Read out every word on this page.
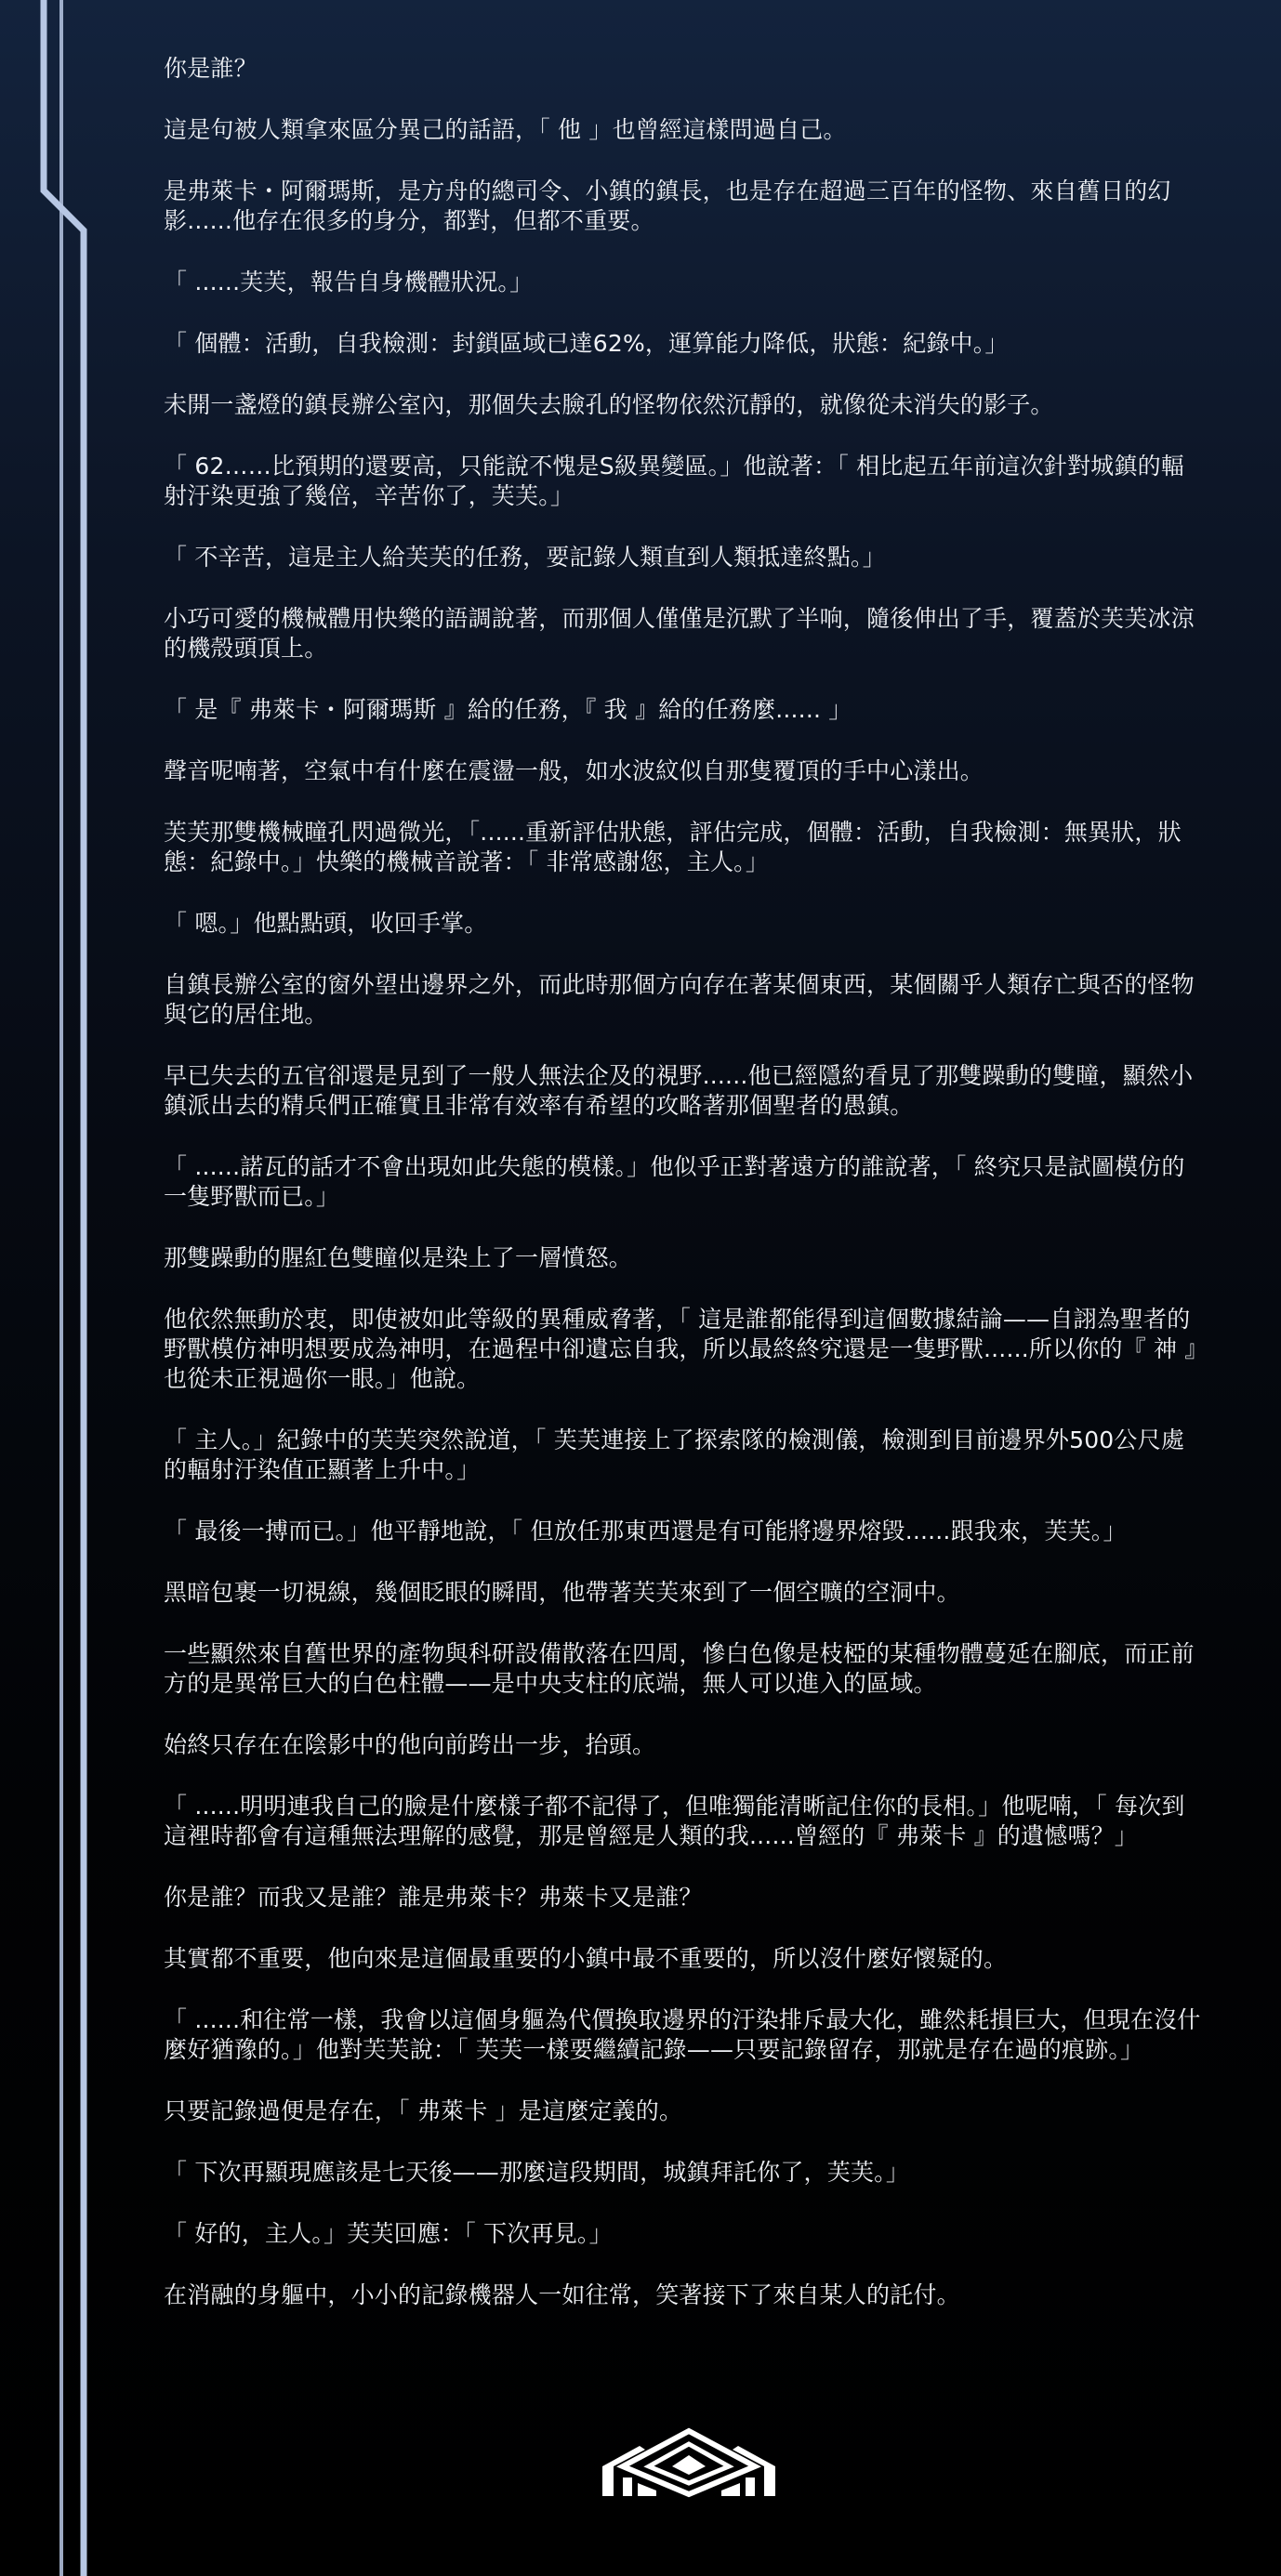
你是誰？

這是句被人類拿來區分異己的話語，「 他 」也曾經這樣問過自己。

是弗萊卡・阿爾瑪斯，是方舟的總司令、小鎮的鎮長，也是存在超過三百年的怪物、來自舊日的幻影......他存在很多的身分，都對，但都不重要。

「 ......芙芙，報告自身機體狀況。」

「 個體：活動，自我檢測：封鎖區域已達62%，運算能力降低，狀態：紀錄中。」

未開一盞燈的鎮長辦公室內，那個失去臉孔的怪物依然沉靜的，就像從未消失的影子。

「 62……比預期的還要高，只能說不愧是S級異變區。」他說著：「 相比起五年前這次針對城鎮的輻射汙染更強了幾倍，辛苦你了，芙芙。」

「 不辛苦，這是主人給芙芙的任務，要記錄人類直到人類抵達終點。」

小巧可愛的機械體用快樂的語調說著，而那個人僅僅是沉默了半响，隨後伸出了手，覆蓋於芙芙冰涼的機殼頭頂上。

「 是『 弗萊卡・阿爾瑪斯 』給的任務，『 我 』給的任務麼...... 」

聲音呢喃著，空氣中有什麼在震盪一般，如水波紋似自那隻覆頂的手中心漾出。

芙芙那雙機械瞳孔閃過微光，「......重新評估狀態，評估完成，個體：活動，自我檢測：無異狀，狀態：紀錄中。」快樂的機械音說著：「 非常感謝您，主人。」

「 嗯。」他點點頭，收回手掌。

自鎮長辦公室的窗外望出邊界之外，而此時那個方向存在著某個東西，某個關乎人類存亡與否的怪物與它的居住地。

早已失去的五官卻還是見到了一般人無法企及的視野......他已經隱約看見了那雙躁動的雙瞳，顯然小鎮派出去的精兵們正確實且非常有效率有希望的攻略著那個聖者的愚鎮。

「 ......諾瓦的話才不會出現如此失態的模樣。」他似乎正對著遠方的誰說著，「 終究只是試圖模仿的一隻野獸而已。」

那雙躁動的腥紅色雙瞳似是染上了一層憤怒。

他依然無動於衷，即使被如此等級的異種威脅著，「 這是誰都能得到這個數據結論——自詡為聖者的野獸模仿神明想要成為神明，在過程中卻遺忘自我，所以最終終究還是一隻野獸......所以你的『 神 』也從未正視過你一眼。」他說。

「 主人。」紀錄中的芙芙突然說道，「 芙芙連接上了探索隊的檢測儀，檢測到目前邊界外500公尺處的輻射汙染值正顯著上升中。」

「 最後一搏而已。」他平靜地說，「 但放任那東西還是有可能將邊界熔毀......跟我來，芙芙。」

黑暗包裹一切視線，幾個眨眼的瞬間，他帶著芙芙來到了一個空曠的空洞中。

一些顯然來自舊世界的產物與科研設備散落在四周，慘白色像是枝椏的某種物體蔓延在腳底，而正前方的是異常巨大的白色柱體——是中央支柱的底端，無人可以進入的區域。

始終只存在在陰影中的他向前跨出一步，抬頭。

「 ......明明連我自己的臉是什麼樣子都不記得了，但唯獨能清晰記住你的長相。」他呢喃，「 每次到這裡時都會有這種無法理解的感覺，那是曾經是人類的我......曾經的『 弗萊卡 』的遺憾嗎？」

你是誰？而我又是誰？誰是弗萊卡？弗萊卡又是誰？

其實都不重要，他向來是這個最重要的小鎮中最不重要的，所以沒什麼好懷疑的。

「 ......和往常一樣，我會以這個身軀為代價換取邊界的汙染排斥最大化，雖然耗損巨大，但現在沒什麼好猶豫的。」他對芙芙說：「 芙芙一樣要繼續記錄——只要記錄留存，那就是存在過的痕跡。」

只要記錄過便是存在，「 弗萊卡 」是這麼定義的。

「 下次再顯現應該是七天後——那麼這段期間，城鎮拜託你了，芙芙。」

「 好的，主人。」芙芙回應：「 下次再見。」

在消融的身軀中，小小的記錄機器人一如往常，笑著接下了來自某人的託付。
